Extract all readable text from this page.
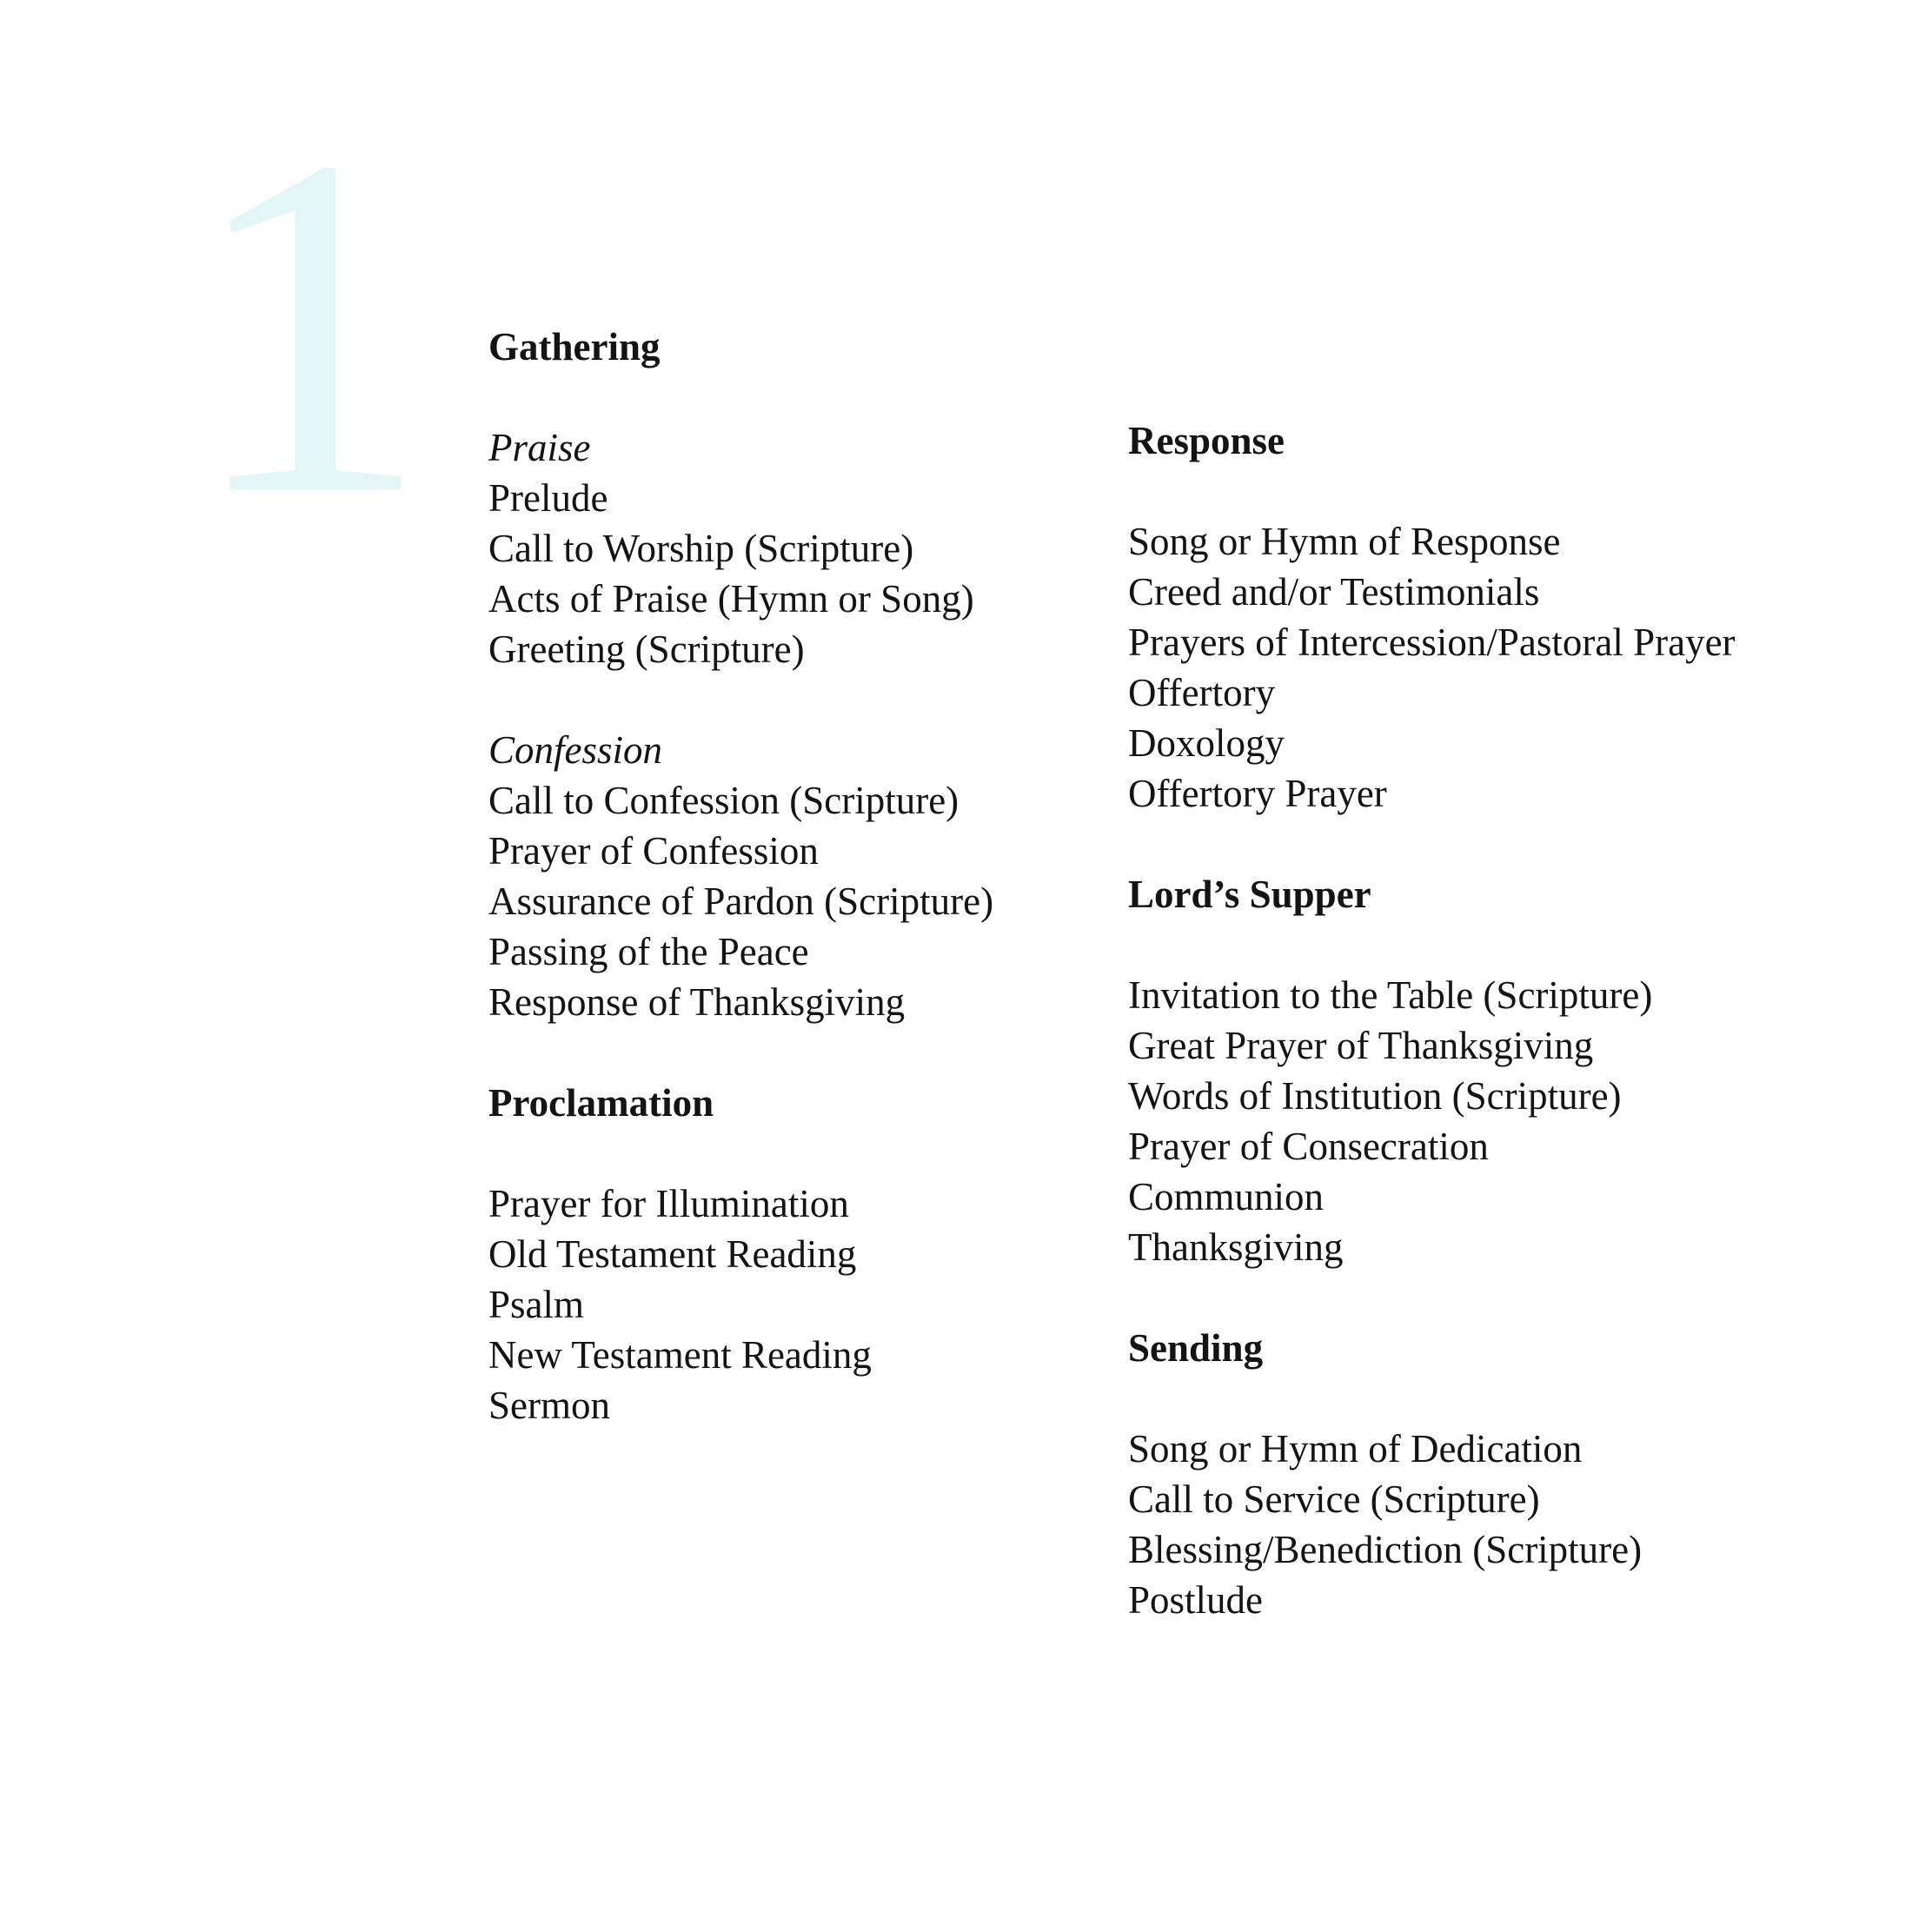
1 Gathering
Praise
Prelude
Call to Worship (Scripture)
Acts of Praise (Hymn or Song)
Greeting (Scripture)
Confession
Call to Confession (Scripture)
Prayer of Confession
Assurance of Pardon (Scripture)
Passing of the Peace
Response of Thanksgiving
Proclamation
Prayer for Illumination
Old Testament Reading
Psalm
New Testament Reading
Sermon
Response
Song or Hymn of Response
Creed and/or Testimonials
Prayers of Intercession/Pastoral Prayer
Offertory
Doxology
Offertory Prayer
Lord’s Supper
Invitation to the Table (Scripture)
Great Prayer of Thanksgiving
Words of Institution (Scripture)
Prayer of Consecration
Communion
Thanksgiving
Sending
Song or Hymn of Dedication
Call to Service (Scripture)
Blessing/Benediction (Scripture)
Postlude
